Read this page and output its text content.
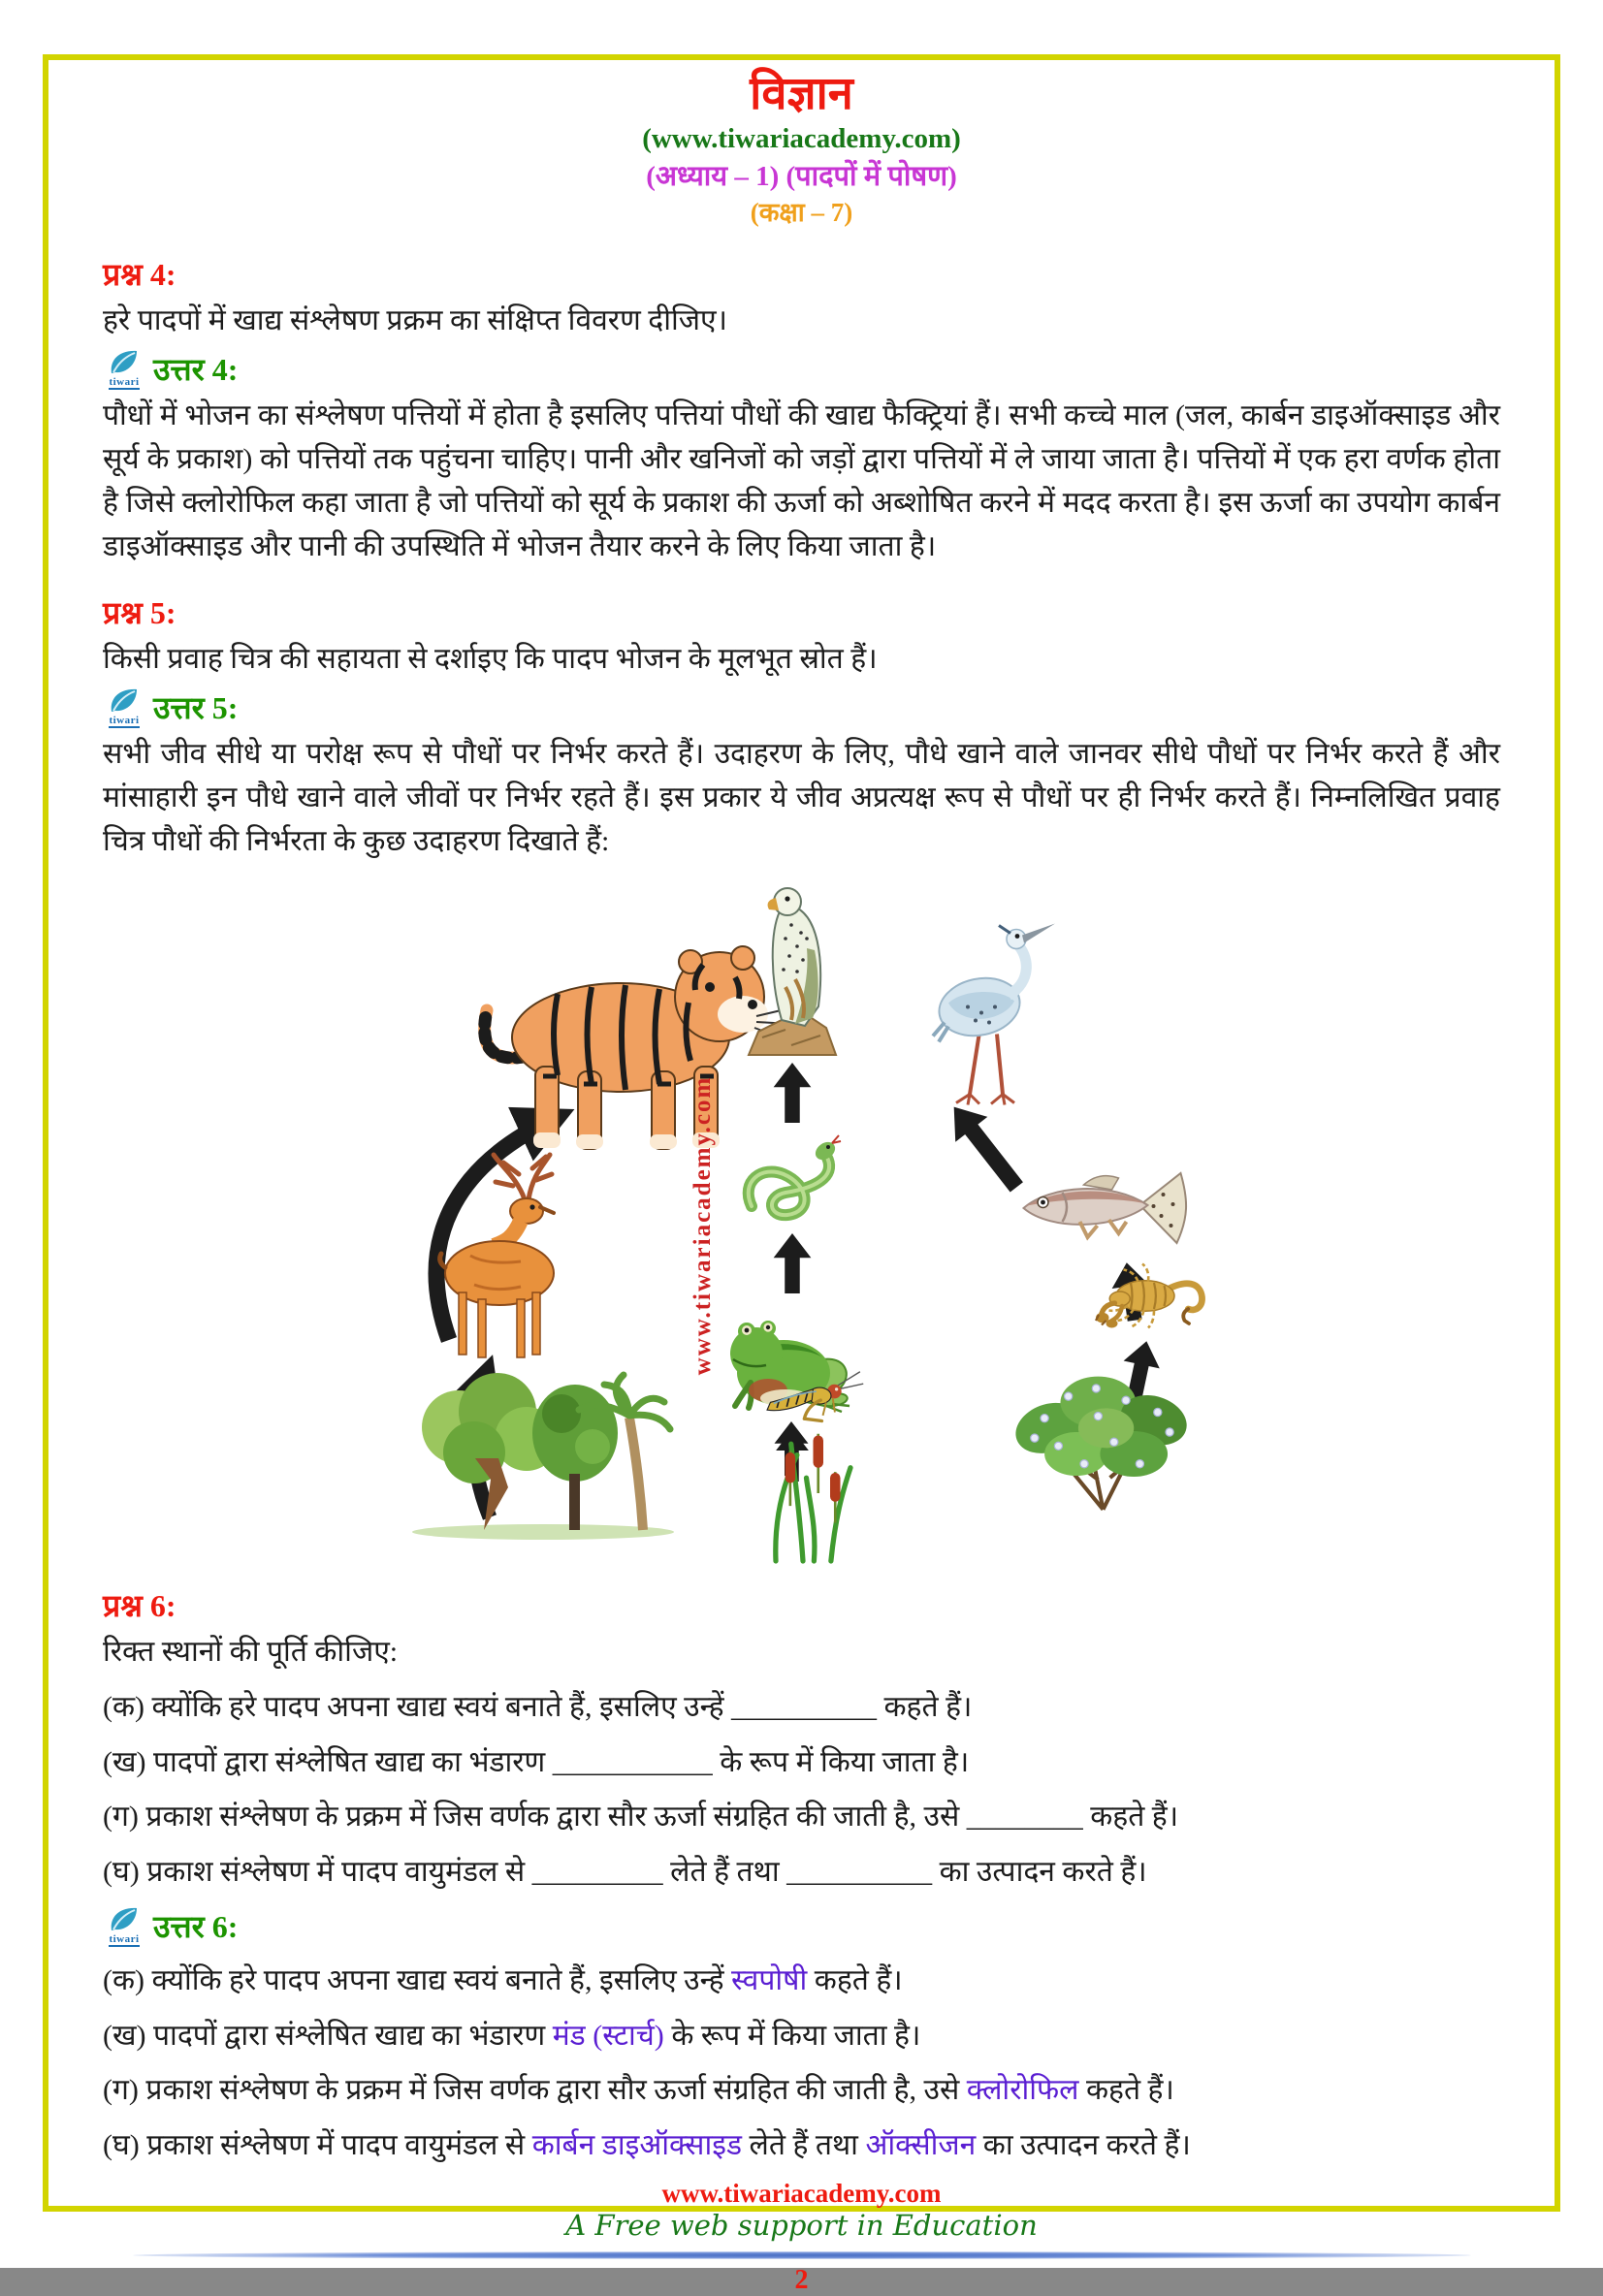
विज्ञान
(www.tiwariacademy.com)
(अध्याय – 1) (पादपों में पोषण)
(कक्षा – 7)
प्रश्न 4:
हरे पादपों में खाद्य संश्लेषण प्रक्रम का संक्षिप्त विवरण दीजिए।
tiwari उत्तर 4:
पौधों में भोजन का संश्लेषण पत्तियों में होता है इसलिए पत्तियां पौधों की खाद्य फैक्ट्रियां हैं। सभी कच्चे माल (जल, कार्बन डाइऑक्साइड और सूर्य के प्रकाश) को पत्तियों तक पहुंचना चाहिए। पानी और खनिजों को जड़ों द्वारा पत्तियों में ले जाया जाता है। पत्तियों में एक हरा वर्णक होता है जिसे क्लोरोफिल कहा जाता है जो पत्तियों को सूर्य के प्रकाश की ऊर्जा को अब्शोषित करने में मदद करता है। इस ऊर्जा का उपयोग कार्बन डाइऑक्साइड और पानी की उपस्थिति में भोजन तैयार करने के लिए किया जाता है।
प्रश्न 5:
किसी प्रवाह चित्र की सहायता से दर्शाइए कि पादप भोजन के मूलभूत स्रोत हैं।
tiwari उत्तर 5:
सभी जीव सीधे या परोक्ष रूप से पौधों पर निर्भर करते हैं। उदाहरण के लिए, पौधे खाने वाले जानवर सीधे पौधों पर निर्भर करते हैं और मांसाहारी इन पौधे खाने वाले जीवों पर निर्भर रहते हैं। इस प्रकार ये जीव अप्रत्यक्ष रूप से पौधों पर ही निर्भर करते हैं। निम्नलिखित प्रवाह चित्र पौधों की निर्भरता के कुछ उदाहरण दिखाते हैं:
www.tiwariacademy.com
प्रश्न 6:
रिक्त स्थानों की पूर्ति कीजिए:
(क) क्योंकि हरे पादप अपना खाद्य स्वयं बनाते हैं, इसलिए उन्हें __________ कहते हैं।
(ख) पादपों द्वारा संश्लेषित खाद्य का भंडारण ___________ के रूप में किया जाता है।
(ग) प्रकाश संश्लेषण के प्रक्रम में जिस वर्णक द्वारा सौर ऊर्जा संग्रहित की जाती है, उसे ________ कहते हैं।
(घ) प्रकाश संश्लेषण में पादप वायुमंडल से _________ लेते हैं तथा __________ का उत्पादन करते हैं।
tiwari उत्तर 6:
(क) क्योंकि हरे पादप अपना खाद्य स्वयं बनाते हैं, इसलिए उन्हें स्वपोषी कहते हैं।
(ख) पादपों द्वारा संश्लेषित खाद्य का भंडारण मंड (स्टार्च) के रूप में किया जाता है।
(ग) प्रकाश संश्लेषण के प्रक्रम में जिस वर्णक द्वारा सौर ऊर्जा संग्रहित की जाती है, उसे क्लोरोफिल कहते हैं।
(घ) प्रकाश संश्लेषण में पादप वायुमंडल से कार्बन डाइऑक्साइड लेते हैं तथा ऑक्सीजन का उत्पादन करते हैं।
www.tiwariacademy.com
A Free web support in Education
2
